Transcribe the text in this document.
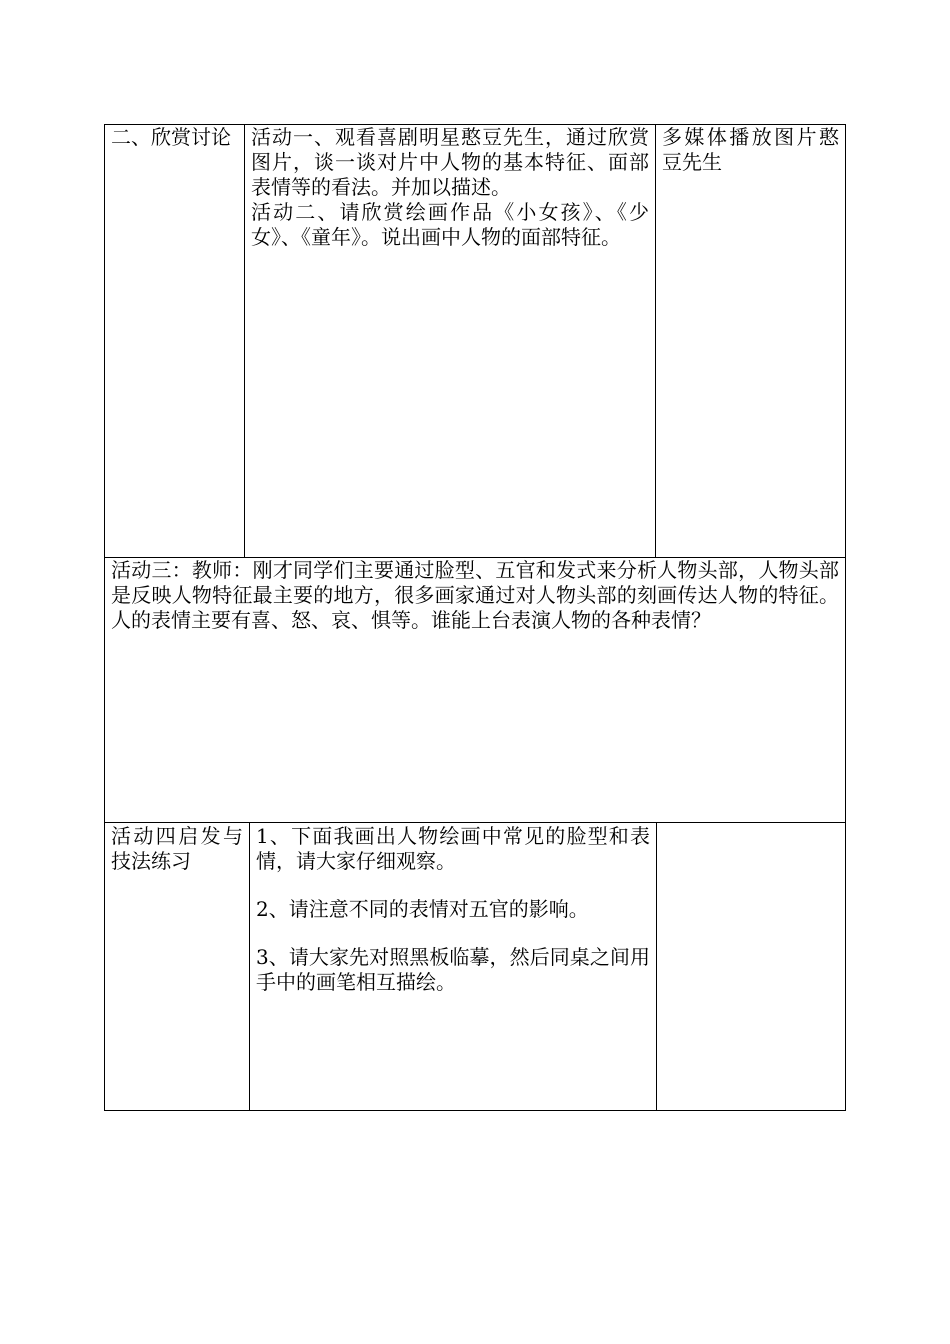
二、欣赏讨论	活动一、观看喜剧明星憨豆先生，通过欣赏图片，谈一谈对片中人物的基本特征、面部表情等的看法。并加以描述。
活动二、请欣赏绘画作品《小女孩》、《少女》、《童年》。说出画中人物的面部特征。
多媒体播放图片憨豆先生
活动三：教师：刚才同学们主要通过脸型、五官和发式来分析人物头部，人物头部是反映人物特征最主要的地方，很多画家通过对人物头部的刻画传达人物的特征。人的表情主要有喜、怒、哀、惧等。谁能上台表演人物的各种表情？
活动四启发与技法练习
1、下面我画出人物绘画中常见的脸型和表情，请大家仔细观察。
2、请注意不同的表情对五官的影响。
3、请大家先对照黑板临摹，然后同桌之间用手中的画笔相互描绘。
